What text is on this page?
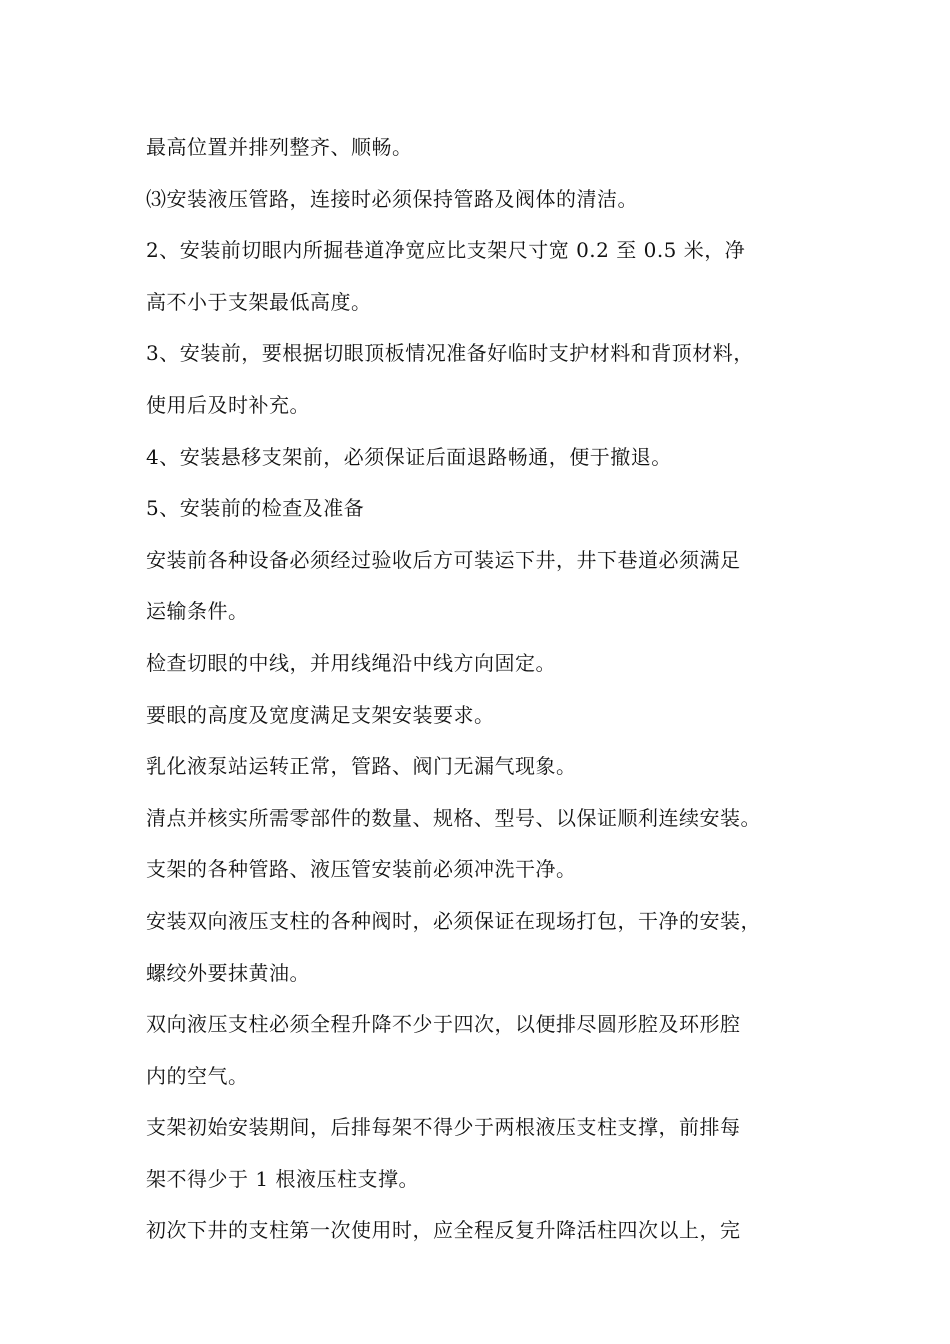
最高位置并排列整齐、顺畅。

⑶安装液压管路，连接时必须保持管路及阀体的清洁。

2、安装前切眼内所掘巷道净宽应比支架尺寸宽 0.2 至 0.5 米，净

高不小于支架最低高度。

3、安装前，要根据切眼顶板情况准备好临时支护材料和背顶材料，

使用后及时补充。

4、安装悬移支架前，必须保证后面退路畅通，便于撤退。

5、安装前的检查及准备

安装前各种设备必须经过验收后方可装运下井，井下巷道必须满足

运输条件。

检查切眼的中线，并用线绳沿中线方向固定。

要眼的高度及宽度满足支架安装要求。

乳化液泵站运转正常，管路、阀门无漏气现象。

清点并核实所需零部件的数量、规格、型号、以保证顺利连续安装。

支架的各种管路、液压管安装前必须冲洗干净。

安装双向液压支柱的各种阀时，必须保证在现场打包，干净的安装，

螺绞外要抹黄油。

双向液压支柱必须全程升降不少于四次，以便排尽圆形腔及环形腔

内的空气。

支架初始安装期间，后排每架不得少于两根液压支柱支撑，前排每

架不得少于 1 根液压柱支撑。

初次下井的支柱第一次使用时，应全程反复升降活柱四次以上，完
